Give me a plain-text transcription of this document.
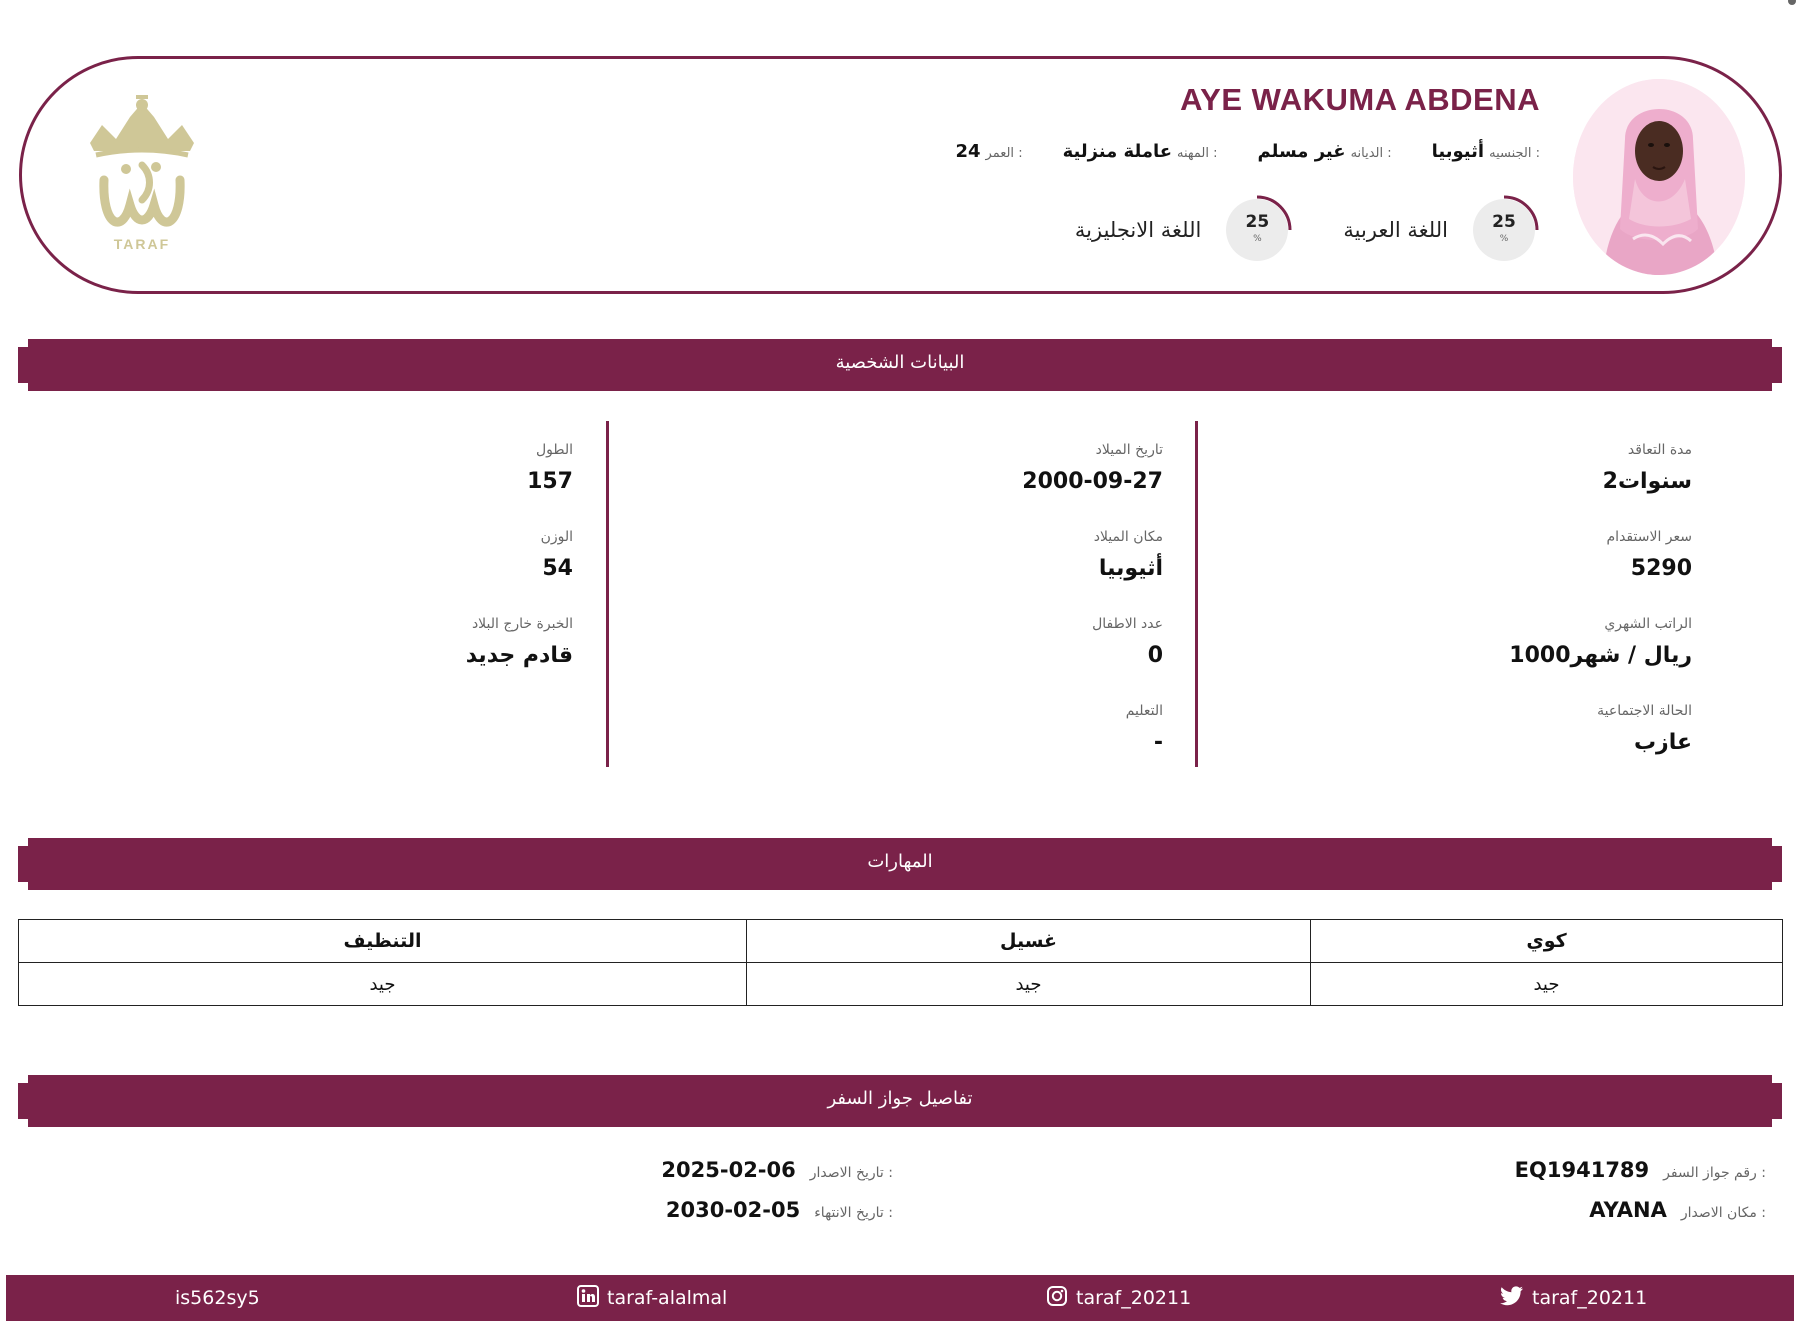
AYE WAKUMA ABDENA
الجنسيه :
أثيوبيا
الديانه :
غير مسلم
المهنه :
عاملة منزلية
العمر :
24
25
%
اللغة العربية
25
%
اللغة الانجليزية
TARAF
البيانات الشخصية
مدة التعاقد
2سنوات
سعر الاستقدام
5290
الراتب الشهري
1000ريال / شهر
الحالة الاجتماعية
عازب
تاريخ الميلاد
2000-09-27
مكان الميلاد
أثيوبيا
عدد الاطفال
0
التعليم
-
الطول
157
الوزن
54
الخبرة خارج البلاد
قادم جديد
المهارات
التنظيف	غسيل	كوي
جيد	جيد	جيد
تفاصيل جواز السفر
رقم جواز السفر :
EQ1941789
مكان الاصدار :
AYANA
تاريخ الاصدار :
2025-02-06
تاريخ الانتهاء :
2030-02-05
is562sy5	taraf-alalmal	taraf_20211	taraf_20211
